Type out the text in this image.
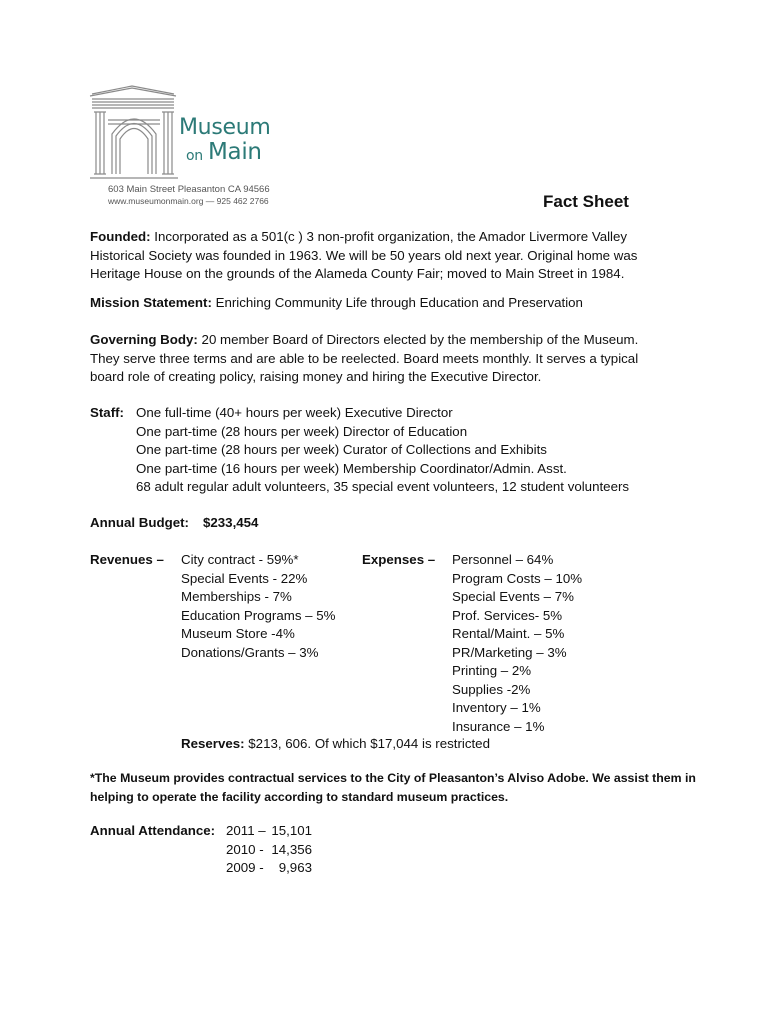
Museum
on Main
603 Main Street Pleasanton CA 94566
www.museumonmain.org — 925 462 2766	Fact Sheet
Founded: Incorporated as a 501(c ) 3 non-profit organization, the Amador Livermore Valley
Historical Society was founded in 1963. We will be 50 years old next year. Original home was
Heritage House on the grounds of the Alameda County Fair; moved to Main Street in 1984.
Mission Statement: Enriching Community Life through Education and Preservation
Governing Body: 20 member Board of Directors elected by the membership of the Museum.
They serve three terms and are able to be reelected. Board meets monthly. It serves a typical
board role of creating policy, raising money and hiring the Executive Director.
Staff: One full-time (40+ hours per week) Executive Director
One part-time (28 hours per week) Director of Education
One part-time (28 hours per week) Curator of Collections and Exhibits
One part-time (16 hours per week) Membership Coordinator/Admin. Asst.
68 adult regular adult volunteers, 35 special event volunteers, 12 student volunteers
Annual Budget: $233,454
Revenues – City contract - 59%*
Special Events - 22%
Memberships - 7%
Education Programs – 5%
Museum Store -4%
Donations/Grants – 3%
Expenses – Personnel – 64%
Program Costs – 10%
Special Events – 7%
Prof. Services- 5%
Rental/Maint. – 5%
PR/Marketing – 3%
Printing – 2%
Supplies -2%
Inventory – 1%
Insurance – 1%
Reserves: $213, 606. Of which $17,044 is restricted
*The Museum provides contractual services to the City of Pleasanton’s Alviso Adobe. We assist them in
helping to operate the facility according to standard museum practices.
Annual Attendance: 2011 –
2010 -
2009 -
15,101
14,356
9,963
